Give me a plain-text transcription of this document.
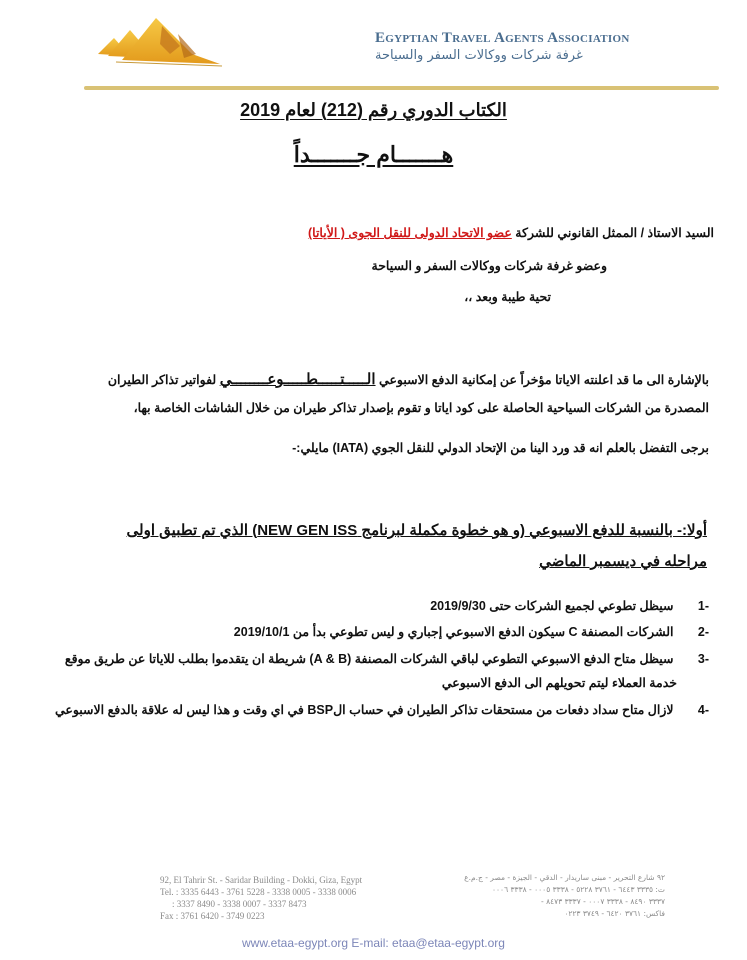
Egyptian Travel Agents Association
غرفة شركات ووكالات السفر والسياحة
الكتاب الدوري رقم (212) لعام 2019
هـــــــام جـــــــداً
السيد الاستاذ / الممثل القانوني للشركة عضو الاتحاد الدولى للنقل الجوى ( الأياتا)
وعضو غرفة شركات ووكالات السفر و السياحة
تحية طيبة وبعد ،،
بالإشارة الى ما قد اعلنته الاياتا مؤخراً عن إمكانية الدفع الاسبوعي الـــــتـــــطـــــوعــــــــي لفواتير تذاكر الطيران
المصدرة من الشركات السياحية الحاصلة على كود اياتا و تقوم بإصدار تذاكر طيران من خلال الشاشات الخاصة بها،
برجى التفضل بالعلم انه قد ورد الينا من الإتحاد الدولي للنقل الجوي (IATA) مايلي:-
أولا:- بالنسبة للدفع الاسبوعي (و هو خطوة مكملة لبرنامج NEW GEN ISS) الذي تم تطبيق اولى
مراحله في ديسمبر الماضي
-1 سيظل تطوعي لجميع الشركات حتى 2019/9/30
-2 الشركات المصنفة C سيكون الدفع الاسبوعي إجباري و ليس تطوعي بدأ من 2019/10/1
-3 سيظل متاح الدفع الاسبوعي التطوعي لباقي الشركات المصنفة (A & B) شريطة ان يتقدموا بطلب للاياتا عن طريق موقع
خدمة العملاء ليتم تحويلهم الى الدفع الاسبوعي
-4 لازال متاح سداد دفعات من مستحقات تذاكر الطيران في حساب الBSP في اي وقت و هذا ليس له علاقة بالدفع الاسبوعي
92, El Tahrir St. - Saridar Building - Dokki, Giza, Egypt
Tel. : 3335 6443 - 3761 5228 - 3338 0005 - 3338 0006
: 3337 8490 - 3338 0007 - 3337 8473
Fax : 3761 6420 - 3749 0223
٩٢ شارع التحرير - مبنى ساريدار - الدقي - الجيزة - مصر - ج.م.ع
ت: ٣٣٣٥ ٦٤٤٣ - ٣٧٦١ ٥٢٢٨ - ٣٣٣٨ ٠٠٠٥ - ٣٣٣٨ ٠٠٠٦
٣٣٣٧ ٨٤٩٠ - ٣٣٣٨ ٠٠٠٧ - ٣٣٣٧ ٨٤٧٣ -
فاكس: ٣٧٦١ ٦٤٢٠ - ٣٧٤٩ ٠٢٢٣
www.etaa-egypt.org E-mail: etaa@etaa-egypt.org
